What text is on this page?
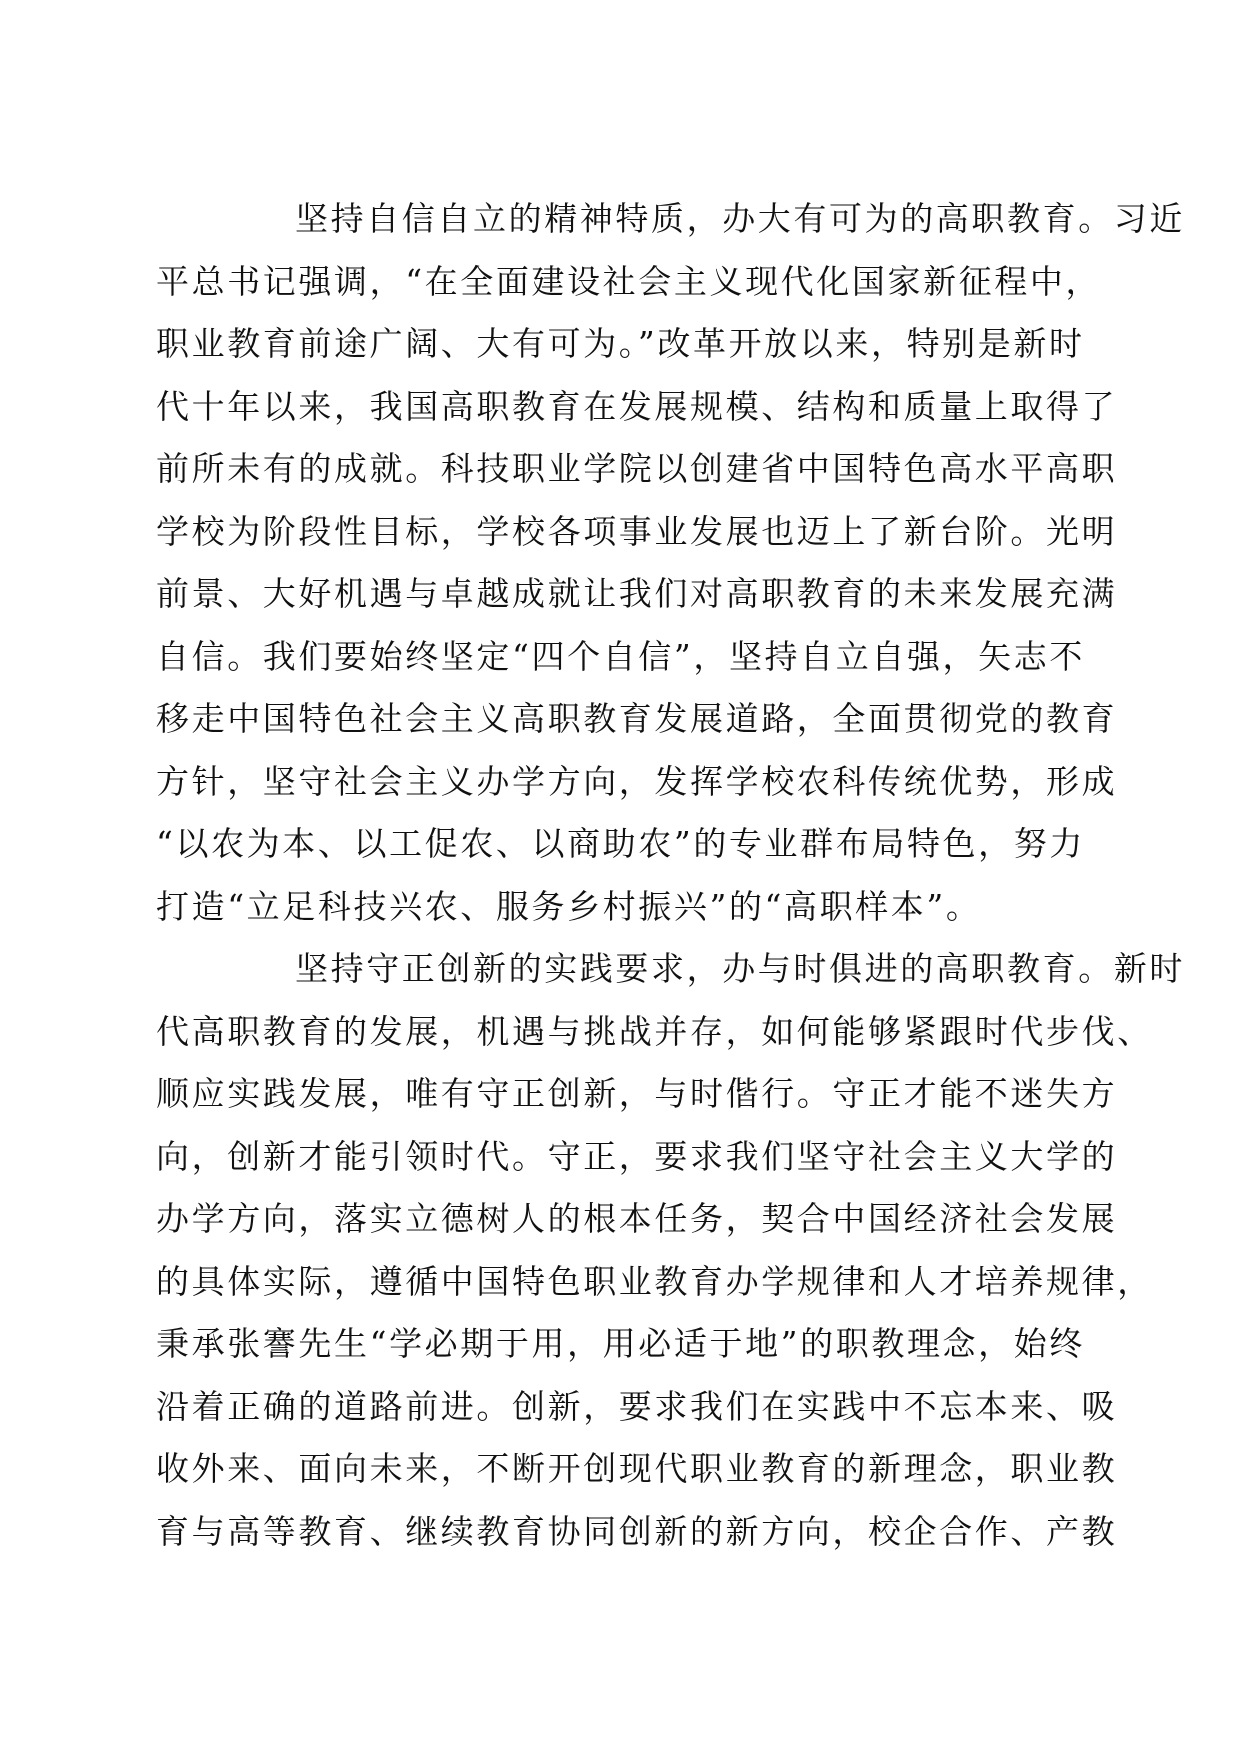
坚持自信自立的精神特质，办大有可为的高职教育。习近
平总书记强调，“在全面建设社会主义现代化国家新征程中，
职业教育前途广阔、大有可为。”改革开放以来，特别是新时
代十年以来，我国高职教育在发展规模、结构和质量上取得了
前所未有的成就。科技职业学院以创建省中国特色高水平高职
学校为阶段性目标，学校各项事业发展也迈上了新台阶。光明
前景、大好机遇与卓越成就让我们对高职教育的未来发展充满
自信。我们要始终坚定“四个自信”，坚持自立自强，矢志不
移走中国特色社会主义高职教育发展道路，全面贯彻党的教育
方针，坚守社会主义办学方向，发挥学校农科传统优势，形成
“以农为本、以工促农、以商助农”的专业群布局特色，努力
打造“立足科技兴农、服务乡村振兴”的“高职样本”。

坚持守正创新的实践要求，办与时俱进的高职教育。新时
代高职教育的发展，机遇与挑战并存，如何能够紧跟时代步伐、
顺应实践发展，唯有守正创新，与时偕行。守正才能不迷失方
向，创新才能引领时代。守正，要求我们坚守社会主义大学的
办学方向，落实立德树人的根本任务，契合中国经济社会发展
的具体实际，遵循中国特色职业教育办学规律和人才培养规律，
秉承张謇先生“学必期于用，用必适于地”的职教理念，始终
沿着正确的道路前进。创新，要求我们在实践中不忘本来、吸
收外来、面向未来，不断开创现代职业教育的新理念，职业教
育与高等教育、继续教育协同创新的新方向，校企合作、产教
